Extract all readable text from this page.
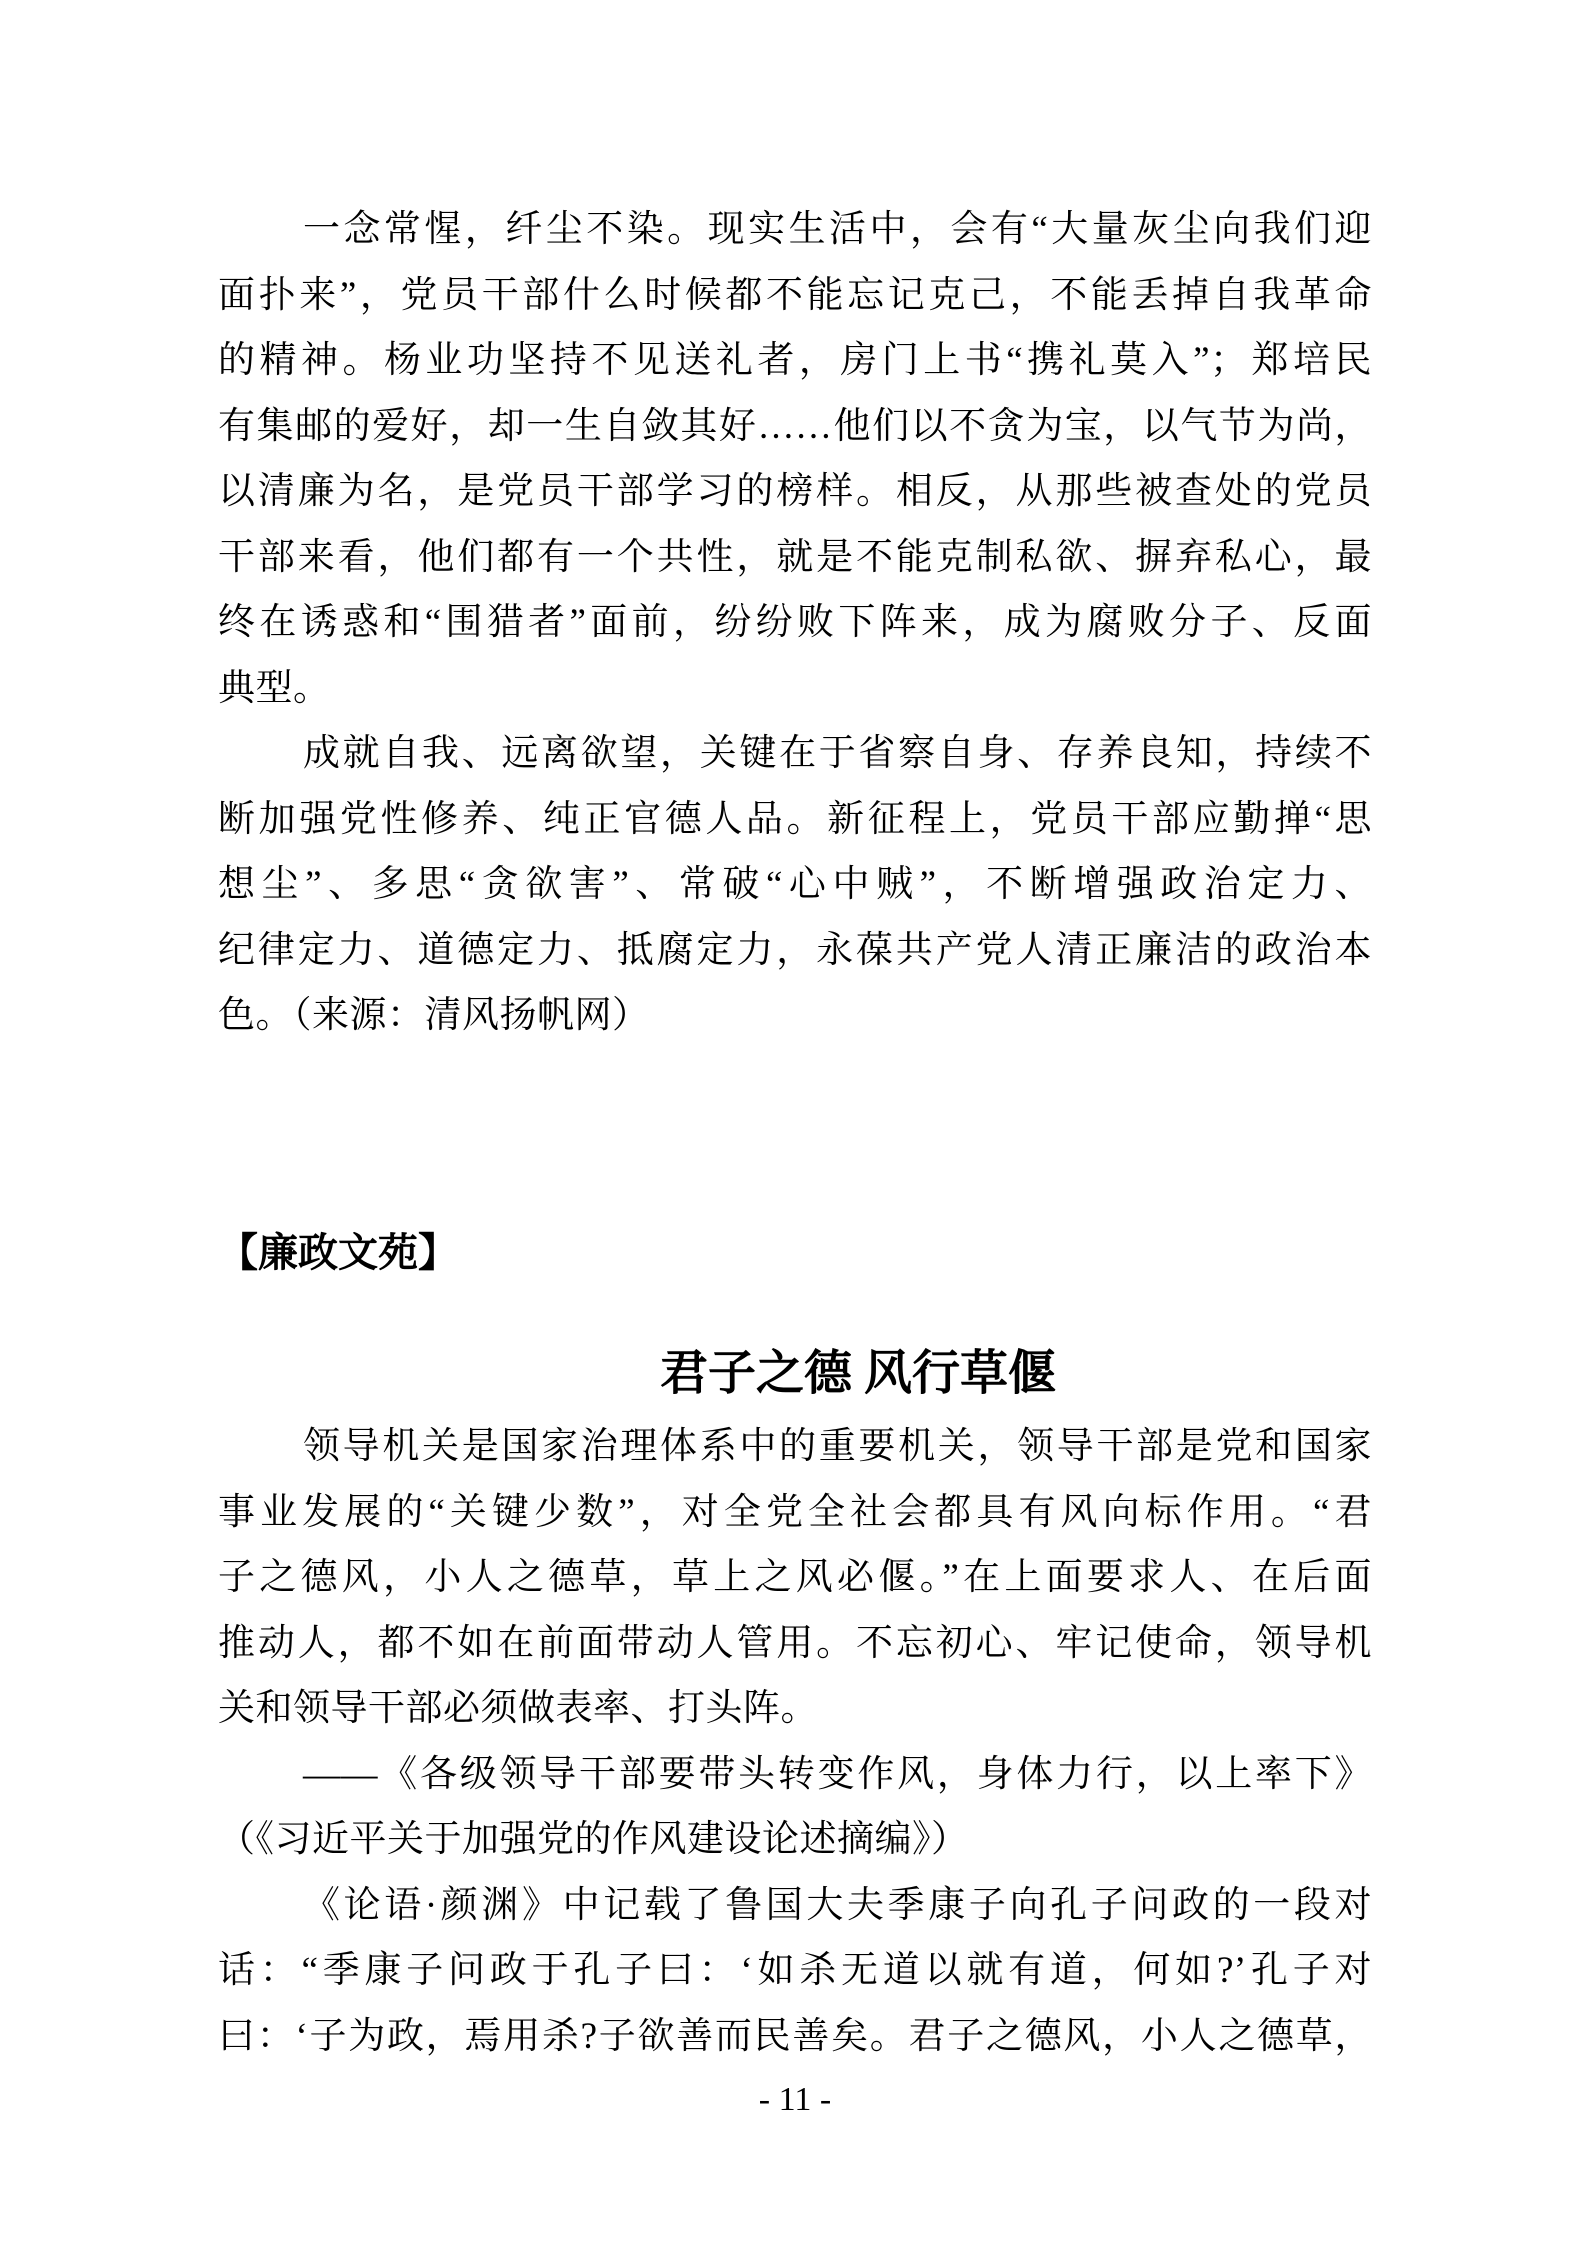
一念常惺，纤尘不染。现实生活中，会有“大量灰尘向我们迎
面扑来”，党员干部什么时候都不能忘记克己，不能丢掉自我革命
的精神。杨业功坚持不见送礼者，房门上书“携礼莫入”；郑培民
有集邮的爱好，却一生自敛其好……他们以不贪为宝，以气节为尚，
以清廉为名，是党员干部学习的榜样。相反，从那些被查处的党员
干部来看，他们都有一个共性，就是不能克制私欲、摒弃私心，最
终在诱惑和“围猎者”面前，纷纷败下阵来，成为腐败分子、反面
典型。
成就自我、远离欲望，关键在于省察自身、存养良知，持续不
断加强党性修养、纯正官德人品。新征程上，党员干部应勤掸“思
想尘”、多思“贪欲害”、常破“心中贼”，不断增强政治定力、
纪律定力、道德定力、抵腐定力，永葆共产党人清正廉洁的政治本
色。（来源：清风扬帆网）
【廉政文苑】
君子之德 风行草偃
领导机关是国家治理体系中的重要机关，领导干部是党和国家
事业发展的“关键少数”，对全党全社会都具有风向标作用。“君
子之德风，小人之德草，草上之风必偃。”在上面要求人、在后面
推动人，都不如在前面带动人管用。不忘初心、牢记使命，领导机
关和领导干部必须做表率、打头阵。
——《各级领导干部要带头转变作风，身体力行，以上率下》
（《习近平关于加强党的作风建设论述摘编》）
《论语·颜渊》中记载了鲁国大夫季康子向孔子问政的一段对
话：“季康子问政于孔子曰：‘如杀无道以就有道，何如?’孔子对
曰：‘子为政，焉用杀?子欲善而民善矣。君子之德风，小人之德草，
- 11 -
